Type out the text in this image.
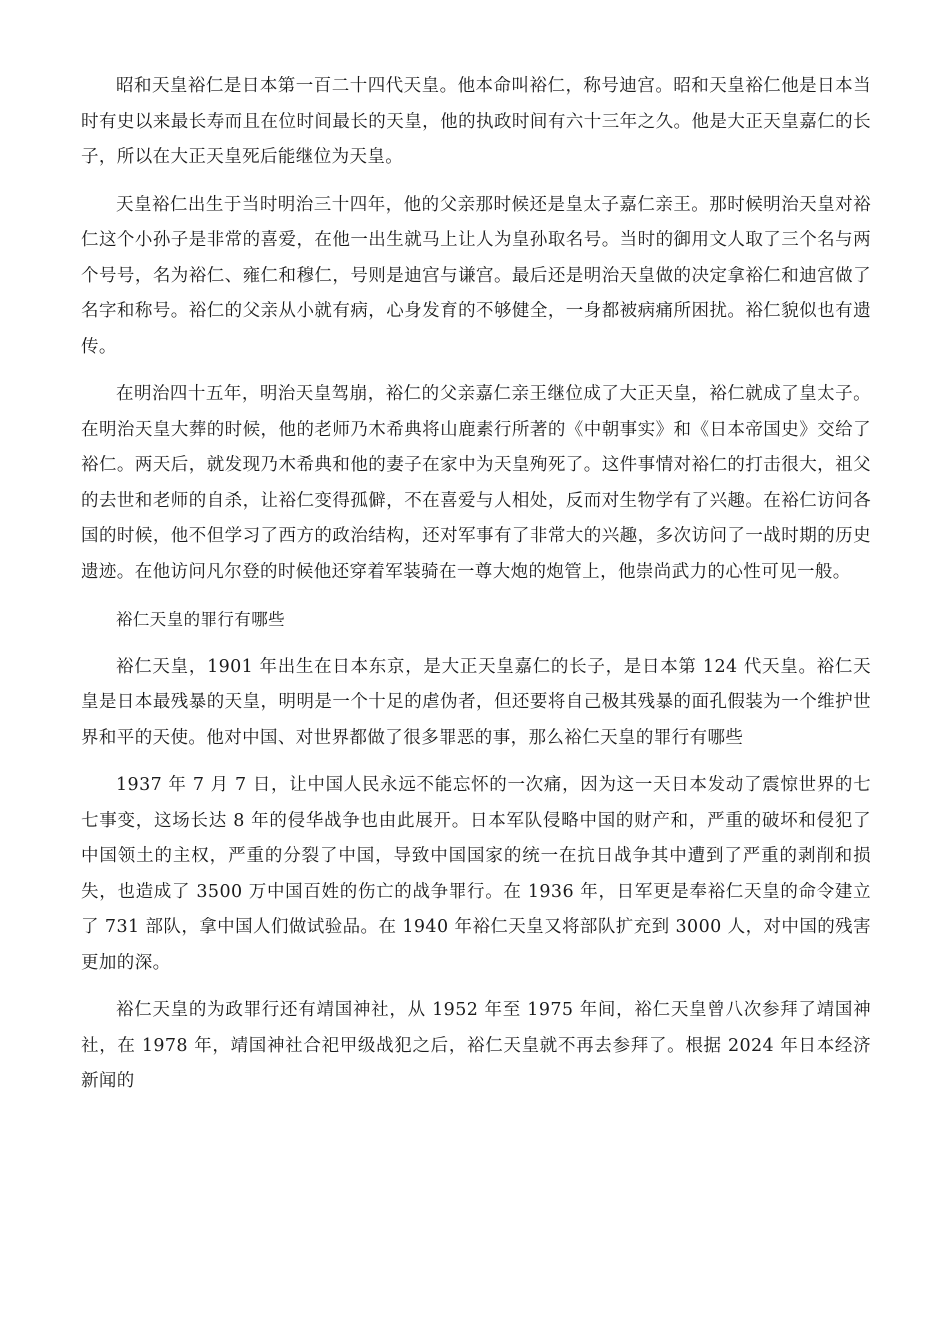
昭和天皇裕仁是日本第一百二十四代天皇。他本命叫裕仁，称号迪宫。昭和天皇裕仁他是日本当时有史以来最长寿而且在位时间最长的天皇，他的执政时间有六十三年之久。他是大正天皇嘉仁的长子，所以在大正天皇死后能继位为天皇。

天皇裕仁出生于当时明治三十四年，他的父亲那时候还是皇太子嘉仁亲王。那时候明治天皇对裕仁这个小孙子是非常的喜爱，在他一出生就马上让人为皇孙取名号。当时的御用文人取了三个名与两个号号，名为裕仁、雍仁和穆仁，号则是迪宫与谦宫。最后还是明治天皇做的决定拿裕仁和迪宫做了名字和称号。裕仁的父亲从小就有病，心身发育的不够健全，一身都被病痛所困扰。裕仁貌似也有遗传。

在明治四十五年，明治天皇驾崩，裕仁的父亲嘉仁亲王继位成了大正天皇，裕仁就成了皇太子。在明治天皇大葬的时候，他的老师乃木希典将山鹿素行所著的《中朝事实》和《日本帝国史》交给了裕仁。两天后，就发现乃木希典和他的妻子在家中为天皇殉死了。这件事情对裕仁的打击很大，祖父的去世和老师的自杀，让裕仁变得孤僻，不在喜爱与人相处，反而对生物学有了兴趣。在裕仁访问各国的时候，他不但学习了西方的政治结构，还对军事有了非常大的兴趣，多次访问了一战时期的历史遗迹。在他访问凡尔登的时候他还穿着军装骑在一尊大炮的炮管上，他崇尚武力的心性可见一般。

裕仁天皇的罪行有哪些

裕仁天皇，1901 年出生在日本东京，是大正天皇嘉仁的长子，是日本第 124 代天皇。裕仁天皇是日本最残暴的天皇，明明是一个十足的虐伪者，但还要将自己极其残暴的面孔假装为一个维护世界和平的天使。他对中国、对世界都做了很多罪恶的事，那么裕仁天皇的罪行有哪些

1937 年 7 月 7 日，让中国人民永远不能忘怀的一次痛，因为这一天日本发动了震惊世界的七七事变，这场长达 8 年的侵华战争也由此展开。日本军队侵略中国的财产和，严重的破坏和侵犯了中国领土的主权，严重的分裂了中国，导致中国国家的统一在抗日战争其中遭到了严重的剥削和损失，也造成了 3500 万中国百姓的伤亡的战争罪行。在 1936 年，日军更是奉裕仁天皇的命令建立了 731 部队，拿中国人们做试验品。在 1940 年裕仁天皇又将部队扩充到 3000 人，对中国的残害更加的深。

裕仁天皇的为政罪行还有靖国神社，从 1952 年至 1975 年间，裕仁天皇曾八次参拜了靖国神社，在 1978 年，靖国神社合祀甲级战犯之后，裕仁天皇就不再去参拜了。根据 2024 年日本经济新闻的
